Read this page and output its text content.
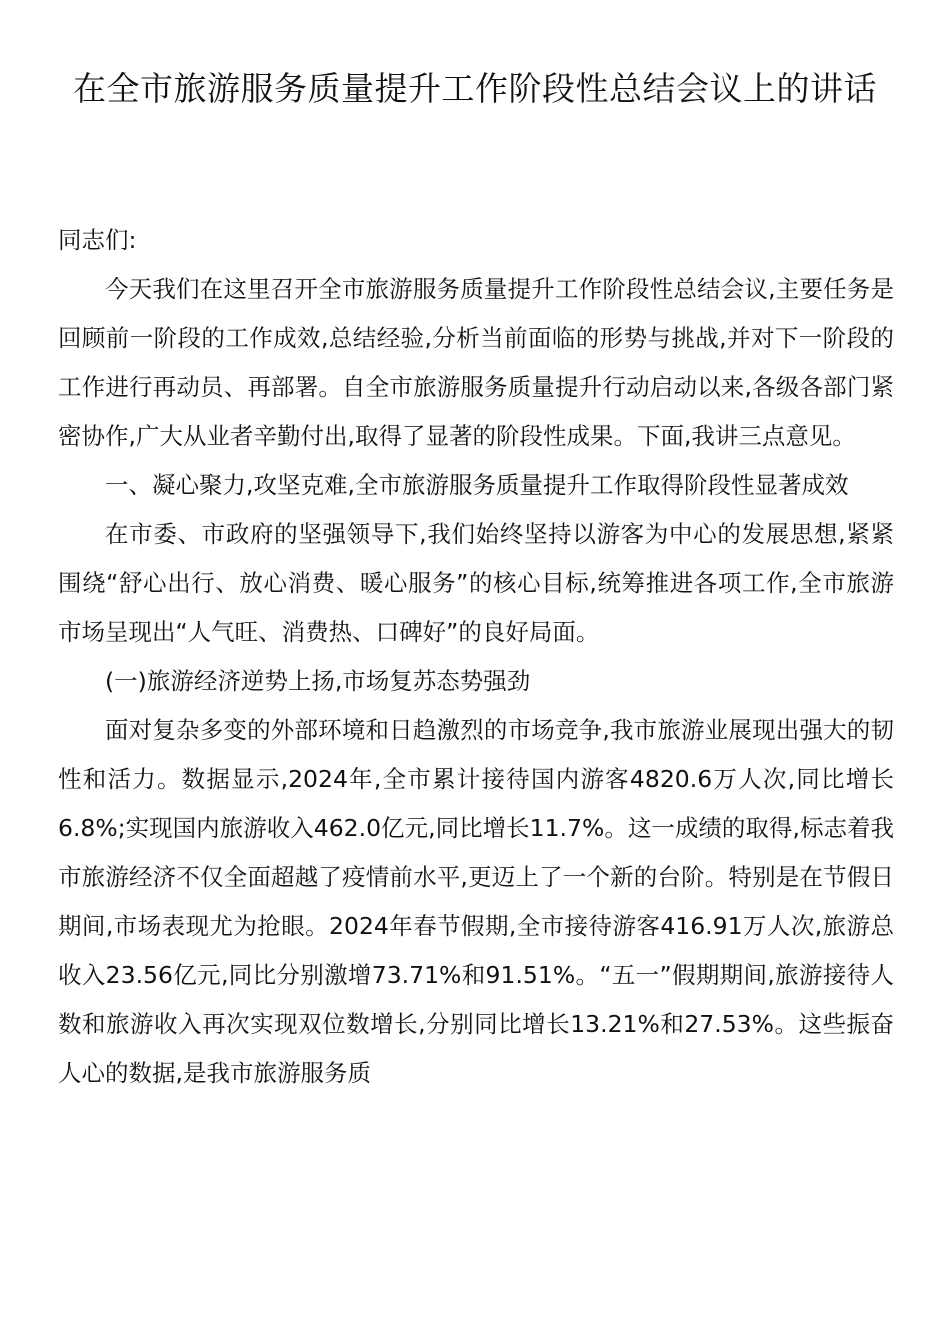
在全市旅游服务质量提升工作阶段性总结会议上的讲话

同志们:

今天我们在这里召开全市旅游服务质量提升工作阶段性总结会议,主要任务是回顾前一阶段的工作成效,总结经验,分析当前面临的形势与挑战,并对下一阶段的工作进行再动员、再部署。自全市旅游服务质量提升行动启动以来,各级各部门紧密协作,广大从业者辛勤付出,取得了显著的阶段性成果。下面,我讲三点意见。

一、凝心聚力,攻坚克难,全市旅游服务质量提升工作取得阶段性显著成效

在市委、市政府的坚强领导下,我们始终坚持以游客为中心的发展思想,紧紧围绕“舒心出行、放心消费、暖心服务”的核心目标,统筹推进各项工作,全市旅游市场呈现出“人气旺、消费热、口碑好”的良好局面。

(一)旅游经济逆势上扬,市场复苏态势强劲

面对复杂多变的外部环境和日趋激烈的市场竞争,我市旅游业展现出强大的韧性和活力。数据显示,2024年,全市累计接待国内游客4820.6万人次,同比增长6.8%;实现国内旅游收入462.0亿元,同比增长11.7%。这一成绩的取得,标志着我市旅游经济不仅全面超越了疫情前水平,更迈上了一个新的台阶。特别是在节假日期间,市场表现尤为抢眼。2024年春节假期,全市接待游客416.91万人次,旅游总收入23.56亿元,同比分别激增73.71%和91.51%。“五一”假期期间,旅游接待人数和旅游收入再次实现双位数增长,分别同比增长13.21%和27.53%。这些振奋人心的数据,是我市旅游服务质
